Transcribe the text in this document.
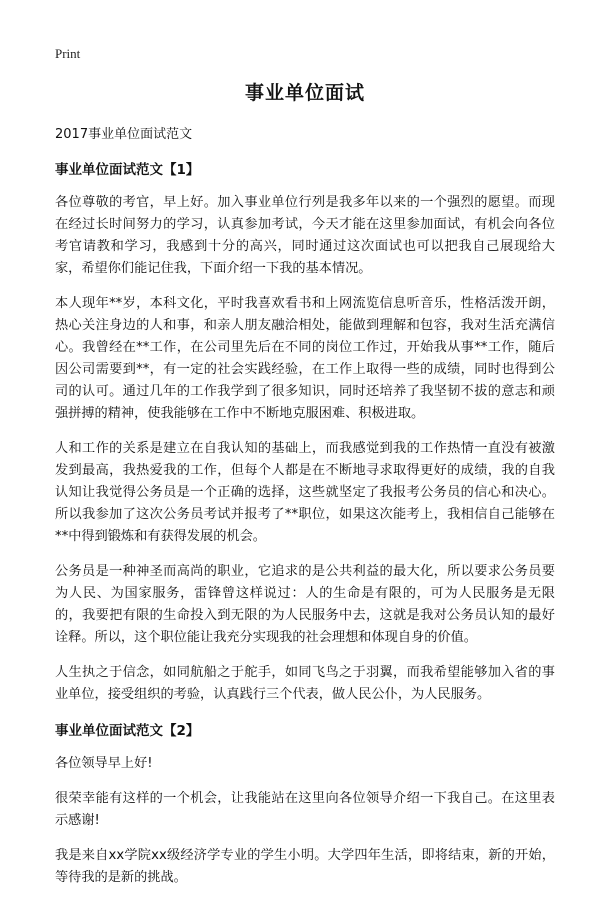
Print
事业单位面试
2017事业单位面试范文
事业单位面试范文【1】

各位尊敬的考官，早上好。加入事业单位行列是我多年以来的一个强烈的愿望。而现在经过长时间努力的学习，认真参加考试，今天才能在这里参加面试，有机会向各位考官请教和学习，我感到十分的高兴，同时通过这次面试也可以把我自己展现给大家，希望你们能记住我，下面介绍一下我的基本情况。

本人现年**岁，本科文化，平时我喜欢看书和上网流览信息听音乐，性格活泼开朗，热心关注身边的人和事，和亲人朋友融洽相处，能做到理解和包容，我对生活充满信心。我曾经在**工作，在公司里先后在不同的岗位工作过，开始我从事**工作，随后因公司需要到**，有一定的社会实践经验，在工作上取得一些的成绩，同时也得到公司的认可。通过几年的工作我学到了很多知识，同时还培养了我坚韧不拔的意志和顽强拼搏的精神，使我能够在工作中不断地克服困难、积极进取。

人和工作的关系是建立在自我认知的基础上，而我感觉到我的工作热情一直没有被激发到最高，我热爱我的工作，但每个人都是在不断地寻求取得更好的成绩，我的自我认知让我觉得公务员是一个正确的选择，这些就坚定了我报考公务员的信心和决心。所以我参加了这次公务员考试并报考了**职位，如果这次能考上，我相信自己能够在**中得到锻炼和有获得发展的机会。

公务员是一种神圣而高尚的职业，它追求的是公共利益的最大化，所以要求公务员要为人民、为国家服务，雷锋曾这样说过：人的生命是有限的，可为人民服务是无限的，我要把有限的生命投入到无限的为人民服务中去，这就是我对公务员认知的最好诠释。所以，这个职位能让我充分实现我的社会理想和体现自身的价值。

人生执之于信念，如同航船之于舵手，如同飞鸟之于羽翼，而我希望能够加入省的事业单位，接受组织的考验，认真践行三个代表，做人民公仆，为人民服务。

事业单位面试范文【2】

各位领导早上好!

很荣幸能有这样的一个机会，让我能站在这里向各位领导介绍一下我自己。在这里表示感谢!

我是来自xx学院xx级经济学专业的学生小明。大学四年生活，即将结束，新的开始，等待我的是新的挑战。
